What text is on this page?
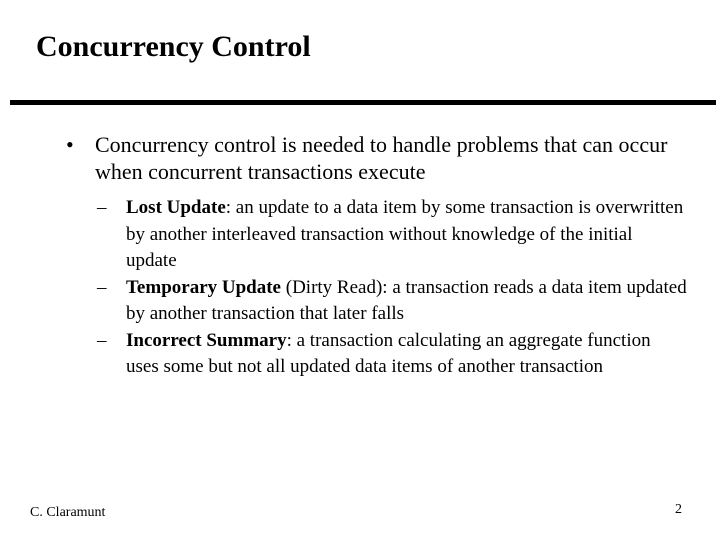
Concurrency Control
• Concurrency control is needed to handle problems that can occur when concurrent transactions execute
– Lost Update: an update to a data item by some transaction is overwritten by another interleaved transaction without knowledge of the initial update
– Temporary Update (Dirty Read): a transaction reads a data item updated by another transaction that later falls
– Incorrect Summary: a transaction calculating an aggregate function uses some but not all updated data items of another transaction
C. Claramunt	2
